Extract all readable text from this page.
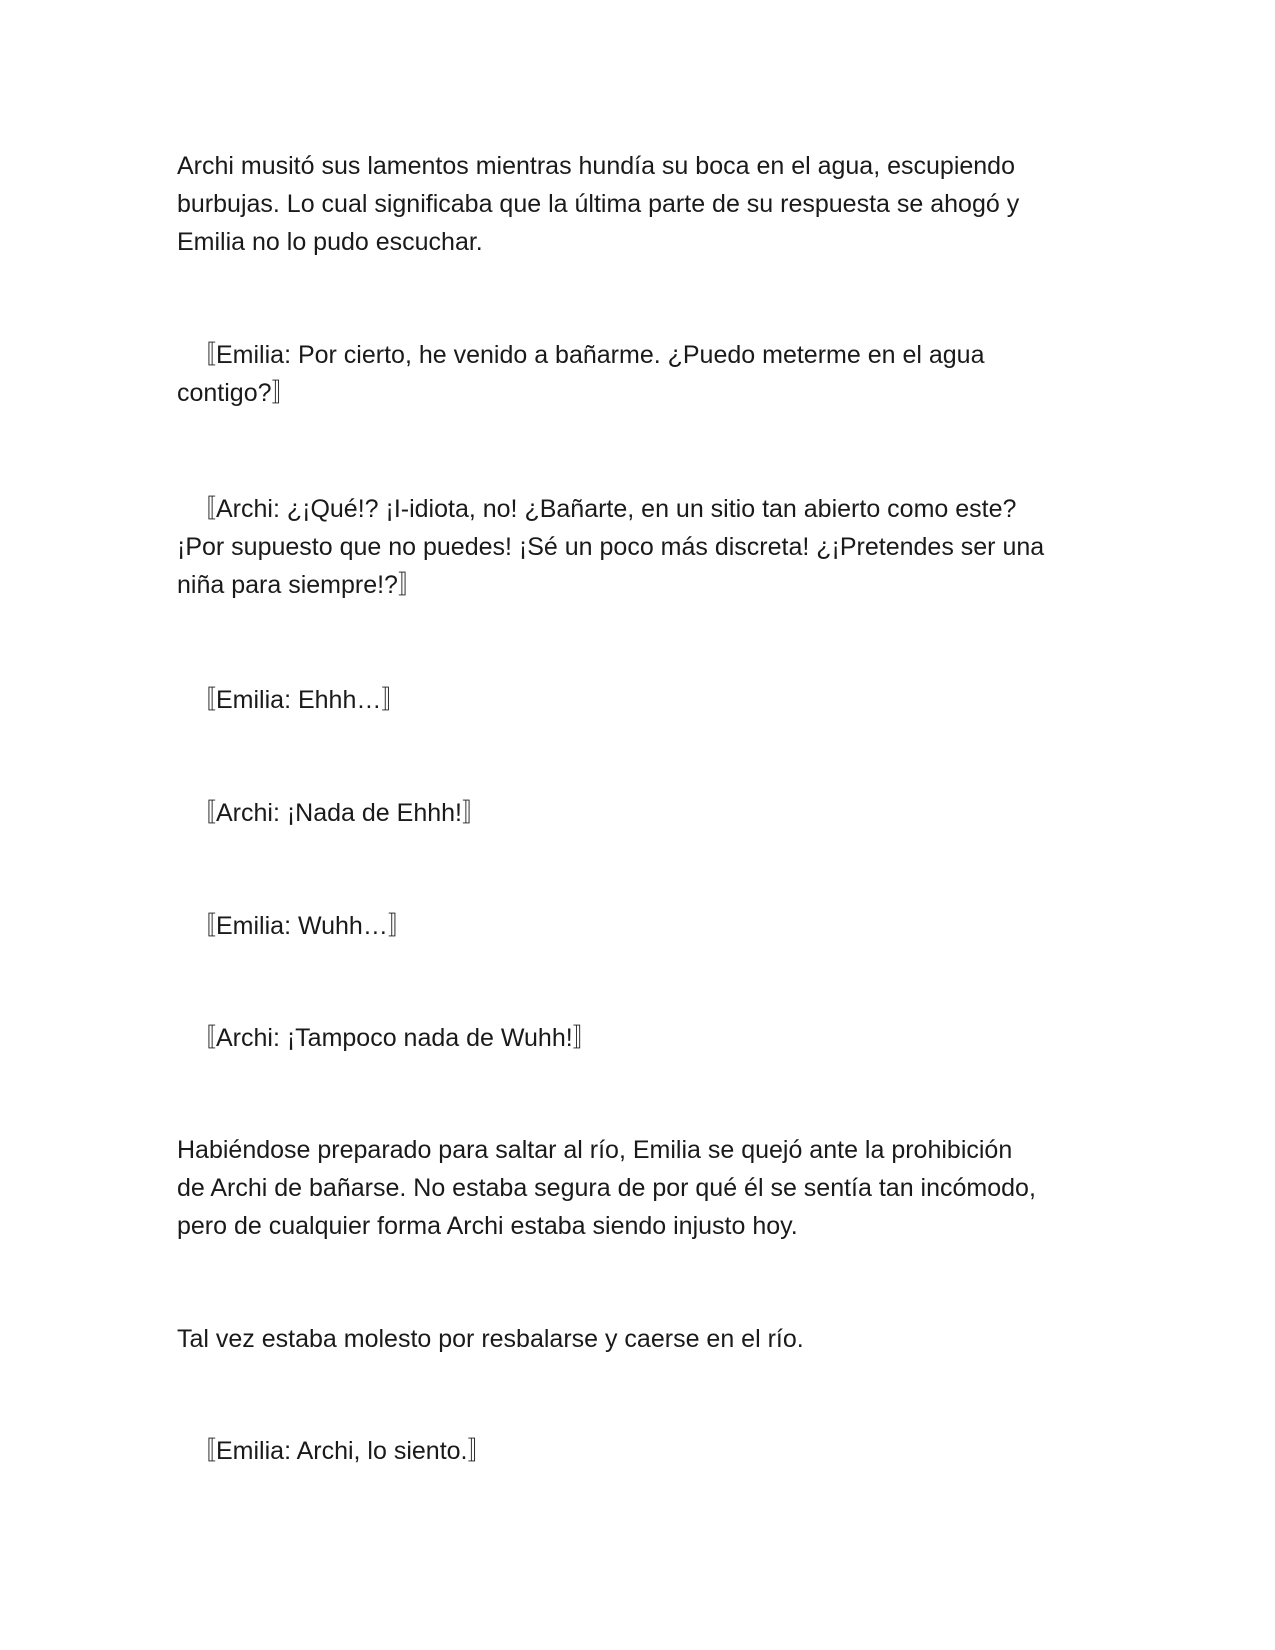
Archi musitó sus lamentos mientras hundía su boca en el agua, escupiendo
burbujas. Lo cual significaba que la última parte de su respuesta se ahogó y
Emilia no lo pudo escuchar.

〚Emilia: Por cierto, he venido a bañarme. ¿Puedo meterme en el agua
contigo?〛

〚Archi: ¿¡Qué!? ¡I-idiota, no! ¿Bañarte, en un sitio tan abierto como este?
¡Por supuesto que no puedes! ¡Sé un poco más discreta! ¿¡Pretendes ser una
niña para siempre!?〛

〚Emilia: Ehhh…〛

〚Archi: ¡Nada de Ehhh!〛

〚Emilia: Wuhh…〛

〚Archi: ¡Tampoco nada de Wuhh!〛

Habiéndose preparado para saltar al río, Emilia se quejó ante la prohibición
de Archi de bañarse. No estaba segura de por qué él se sentía tan incómodo,
pero de cualquier forma Archi estaba siendo injusto hoy.

Tal vez estaba molesto por resbalarse y caerse en el río.

〚Emilia: Archi, lo siento.〛
